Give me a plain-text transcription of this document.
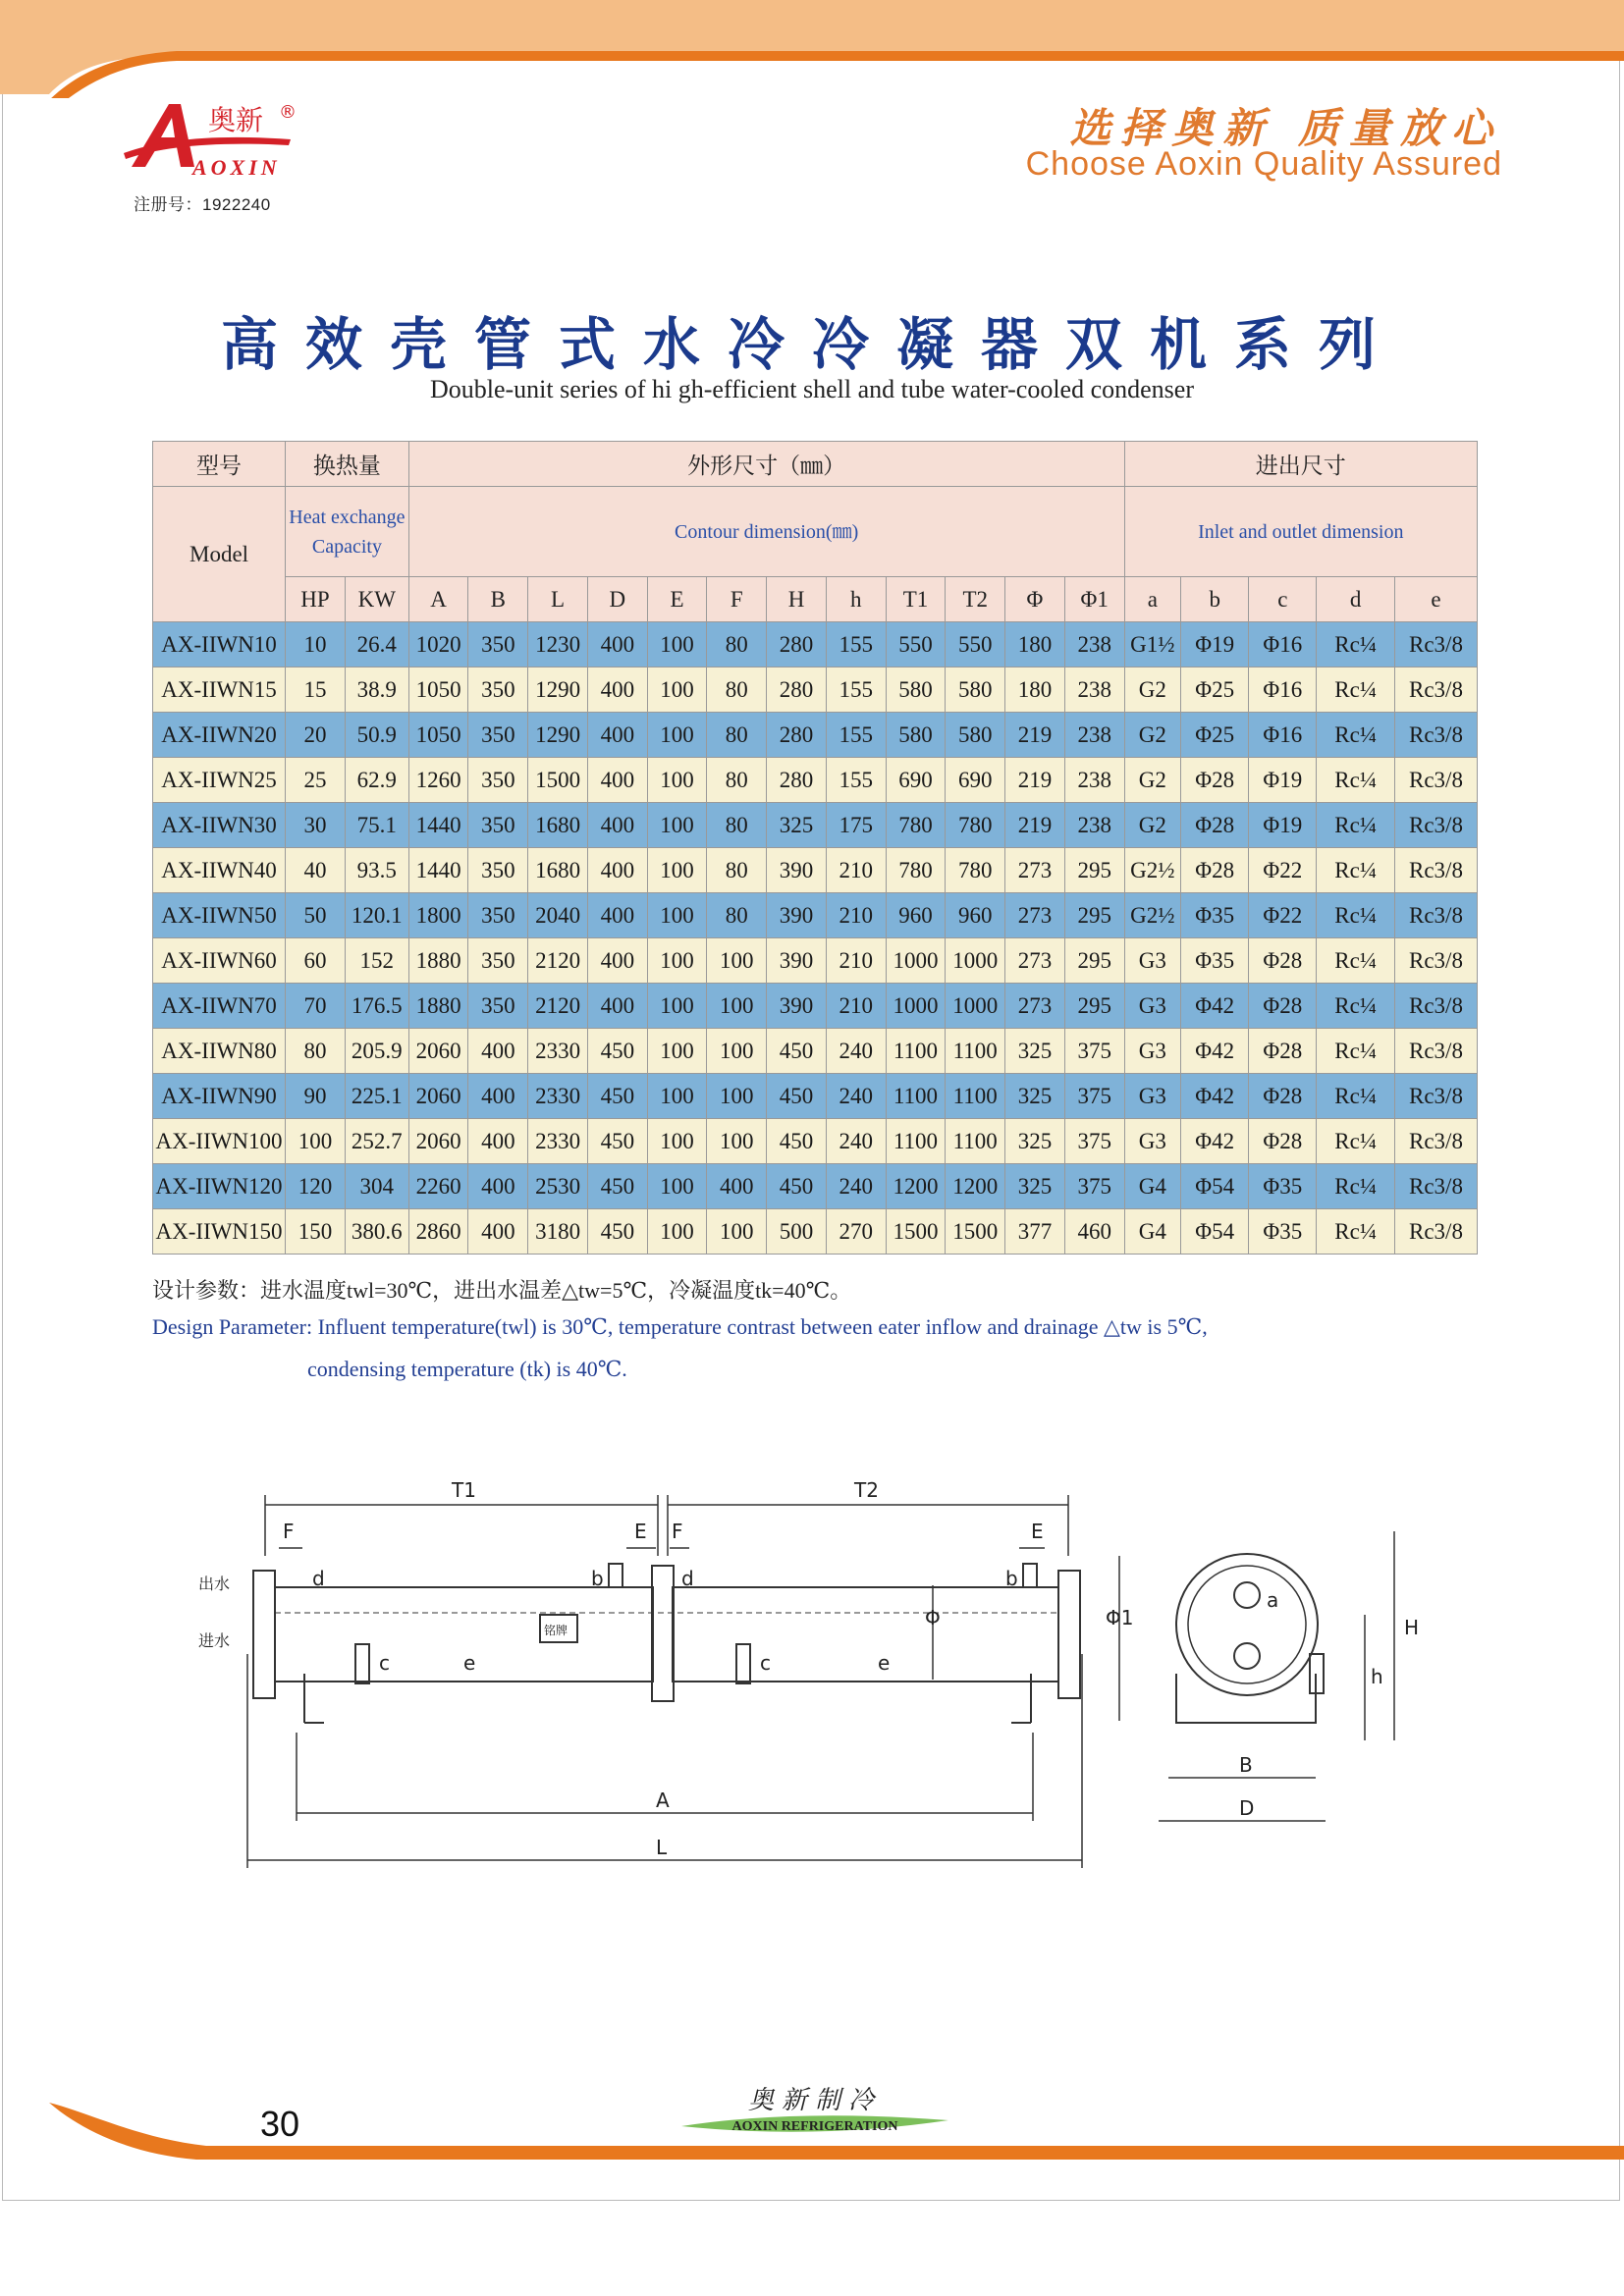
奥新 ®
AOXIN
注册号：1922240
选择奥新 质量放心
Choose Aoxin Quality Assured
高效壳管式水冷冷凝器双机系列
Double-unit series of hi gh-efficient shell and tube water-cooled condenser
型号	换热量		外形尺寸（㎜）												进出尺寸				
Model	Heat exchange Capacity		Contour dimension(㎜)												Inlet and outlet dimension				
	HP	KW	A	B	L	D	E	F	H	h	T1	T2	Φ	Φ1	a	b	c	d	e
AX-IIWN10	10	26.4	1020	350	1230	400	100	80	280	155	550	550	180	238	G1½	Φ19	Φ16	Rc¼	Rc3/8
AX-IIWN15	15	38.9	1050	350	1290	400	100	80	280	155	580	580	180	238	G2	Φ25	Φ16	Rc¼	Rc3/8
AX-IIWN20	20	50.9	1050	350	1290	400	100	80	280	155	580	580	219	238	G2	Φ25	Φ16	Rc¼	Rc3/8
AX-IIWN25	25	62.9	1260	350	1500	400	100	80	280	155	690	690	219	238	G2	Φ28	Φ19	Rc¼	Rc3/8
AX-IIWN30	30	75.1	1440	350	1680	400	100	80	325	175	780	780	219	238	G2	Φ28	Φ19	Rc¼	Rc3/8
AX-IIWN40	40	93.5	1440	350	1680	400	100	80	390	210	780	780	273	295	G2½	Φ28	Φ22	Rc¼	Rc3/8
AX-IIWN50	50	120.1	1800	350	2040	400	100	80	390	210	960	960	273	295	G2½	Φ35	Φ22	Rc¼	Rc3/8
AX-IIWN60	60	152	1880	350	2120	400	100	100	390	210	1000	1000	273	295	G3	Φ35	Φ28	Rc¼	Rc3/8
AX-IIWN70	70	176.5	1880	350	2120	400	100	100	390	210	1000	1000	273	295	G3	Φ42	Φ28	Rc¼	Rc3/8
AX-IIWN80	80	205.9	2060	400	2330	450	100	100	450	240	1100	1100	325	375	G3	Φ42	Φ28	Rc¼	Rc3/8
AX-IIWN90	90	225.1	2060	400	2330	450	100	100	450	240	1100	1100	325	375	G3	Φ42	Φ28	Rc¼	Rc3/8
AX-IIWN100	100	252.7	2060	400	2330	450	100	100	450	240	1100	1100	325	375	G3	Φ42	Φ28	Rc¼	Rc3/8
AX-IIWN120	120	304	2260	400	2530	450	100	400	450	240	1200	1200	325	375	G4	Φ54	Φ35	Rc¼	Rc3/8
AX-IIWN150	150	380.6	2860	400	3180	450	100	100	500	270	1500	1500	377	460	G4	Φ54	Φ35	Rc¼	Rc3/8
设计参数：进水温度twl=30℃，进出水温差△tw=5℃，冷凝温度tk=40℃。
Design Parameter: Influent temperature(twl) is 30℃, temperature contrast between eater inflow and drainage △tw is 5℃,
condensing temperature (tk) is 40℃.
T1	T2
F	E F	E
d	b	d	b
c	e	c	e
Φ	Φ1
A
L
B
D
H
h
a
出水
进水
铭牌
30
奥新制冷
AOXIN REFRIGERATION
